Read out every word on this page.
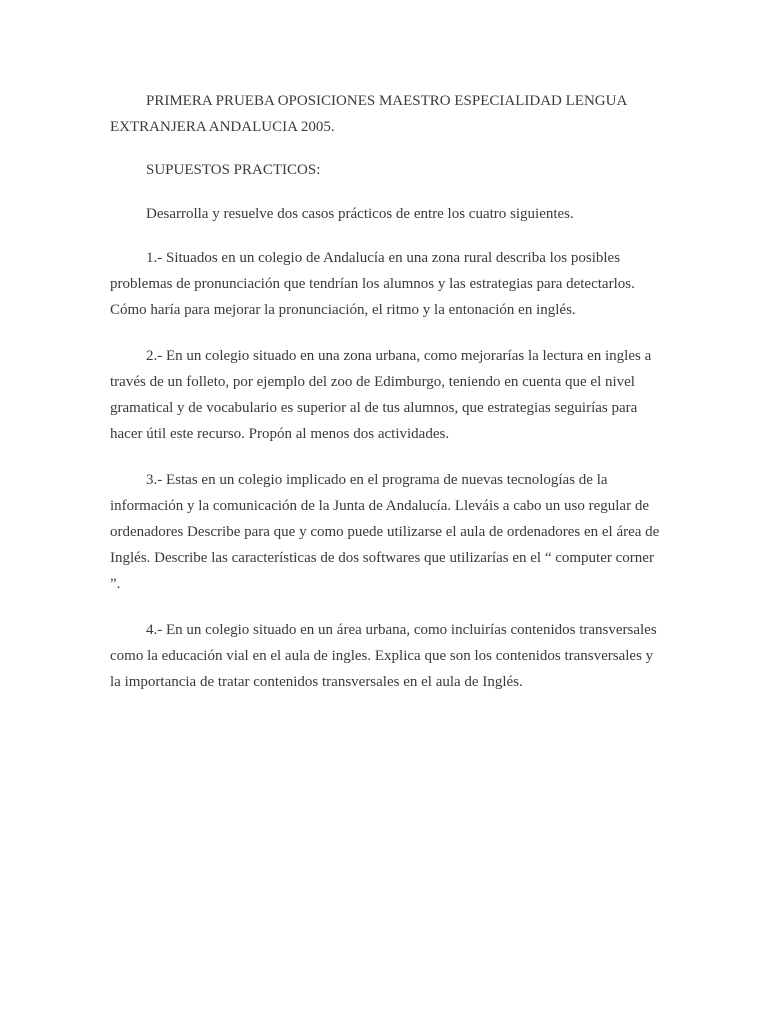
PRIMERA PRUEBA OPOSICIONES MAESTRO ESPECIALIDAD LENGUA EXTRANJERA ANDALUCIA 2005.

SUPUESTOS PRACTICOS:

Desarrolla y resuelve dos casos prácticos de entre los cuatro siguientes.

1.- Situados en un colegio de Andalucía en una zona rural describa los posibles problemas de pronunciación que tendrían los alumnos y las estrategias para detectarlos. Cómo haría para mejorar la pronunciación, el ritmo y la entonación en inglés.

2.- En un colegio situado en una zona urbana, como mejorarías la lectura en ingles a través de un folleto, por ejemplo del zoo de Edimburgo, teniendo en cuenta que el nivel gramatical y de vocabulario es superior al de tus alumnos, que estrategias seguirías para hacer útil este recurso. Propón al menos dos actividades.

3.- Estas en un colegio implicado en el programa de nuevas tecnologías de la información y la comunicación de la Junta de Andalucía. Lleváis a cabo un uso regular de ordenadores Describe para que y como puede utilizarse el aula de ordenadores en el área de Inglés. Describe las características de dos softwares que utilizarías en el “ computer corner ”.

4.- En un colegio situado en un área urbana, como incluirías contenidos transversales como la educación vial en el aula de ingles. Explica que son los contenidos transversales y la importancia de tratar contenidos transversales en el aula de Inglés.
